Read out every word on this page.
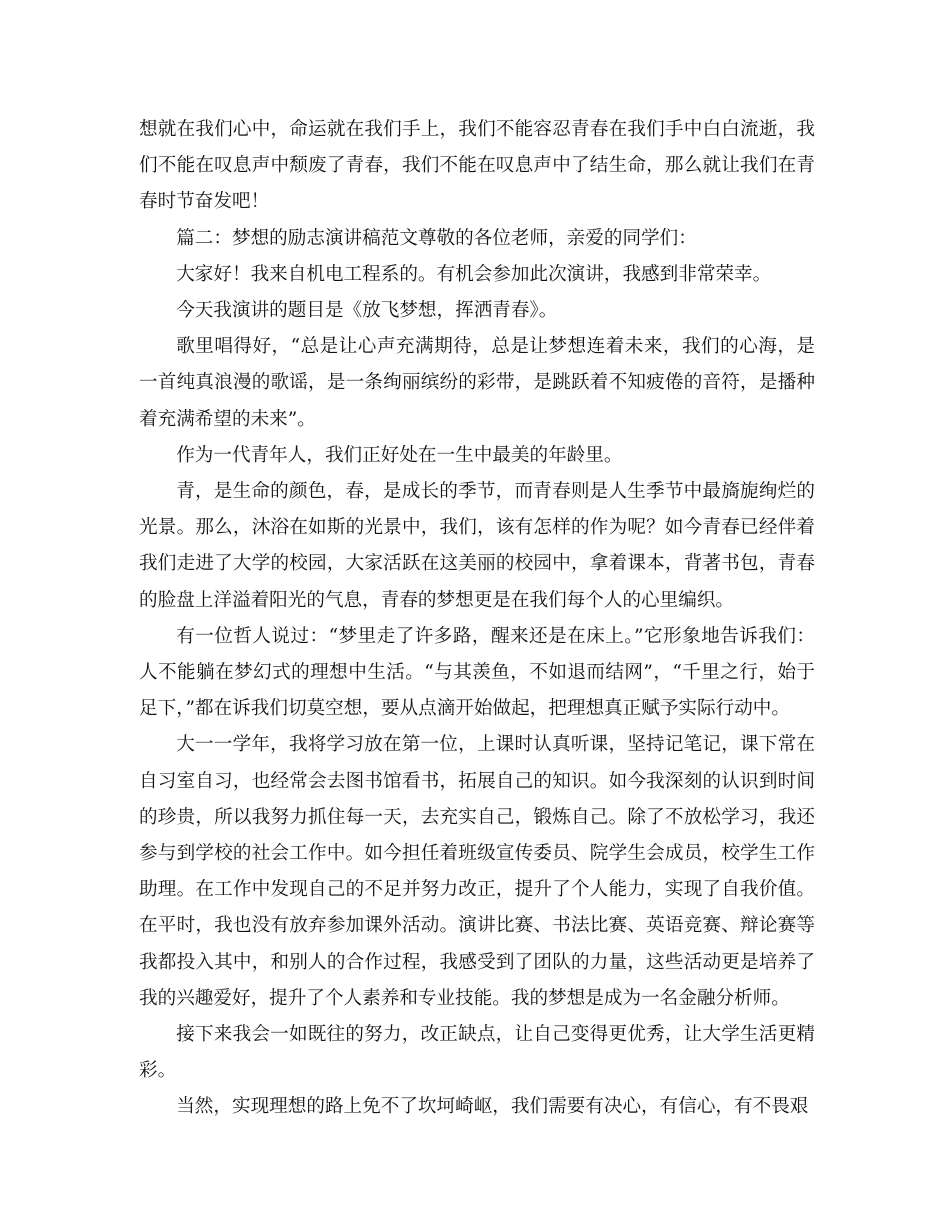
想就在我们心中，命运就在我们手上，我们不能容忍青春在我们手中白白流逝，我们不能在叹息声中颓废了青春，我们不能在叹息声中了结生命，那么就让我们在青春时节奋发吧！

篇二：梦想的励志演讲稿范文尊敬的各位老师，亲爱的同学们：

大家好！我来自机电工程系的。有机会参加此次演讲，我感到非常荣幸。

今天我演讲的题目是《放飞梦想，挥洒青春》。

歌里唱得好，“总是让心声充满期待，总是让梦想连着未来，我们的心海，是一首纯真浪漫的歌谣，是一条绚丽缤纷的彩带，是跳跃着不知疲倦的音符，是播种着充满希望的未来”。

作为一代青年人，我们正好处在一生中最美的年龄里。

青，是生命的颜色，春，是成长的季节，而青春则是人生季节中最旖旎绚烂的光景。那么，沐浴在如斯的光景中，我们，该有怎样的作为呢？如今青春已经伴着我们走进了大学的校园，大家活跃在这美丽的校园中，拿着课本，背著书包，青春的脸盘上洋溢着阳光的气息，青春的梦想更是在我们每个人的心里编织。

有一位哲人说过：“梦里走了许多路，醒来还是在床上。”它形象地告诉我们：人不能躺在梦幻式的理想中生活。“与其羡鱼，不如退而结网”，“千里之行，始于足下，”都在诉我们切莫空想，要从点滴开始做起，把理想真正赋予实际行动中。

大一一学年，我将学习放在第一位，上课时认真听课，坚持记笔记，课下常在自习室自习，也经常会去图书馆看书，拓展自己的知识。如今我深刻的认识到时间的珍贵，所以我努力抓住每一天，去充实自己，锻炼自己。除了不放松学习，我还参与到学校的社会工作中。如今担任着班级宣传委员、院学生会成员，校学生工作助理。在工作中发现自己的不足并努力改正，提升了个人能力，实现了自我价值。在平时，我也没有放弃参加课外活动。演讲比赛、书法比赛、英语竞赛、辩论赛等我都投入其中，和别人的合作过程，我感受到了团队的力量，这些活动更是培养了我的兴趣爱好，提升了个人素养和专业技能。我的梦想是成为一名金融分析师。

接下来我会一如既往的努力，改正缺点，让自己变得更优秀，让大学生活更精彩。

当然，实现理想的路上免不了坎坷崎岖，我们需要有决心，有信心，有不畏艰
